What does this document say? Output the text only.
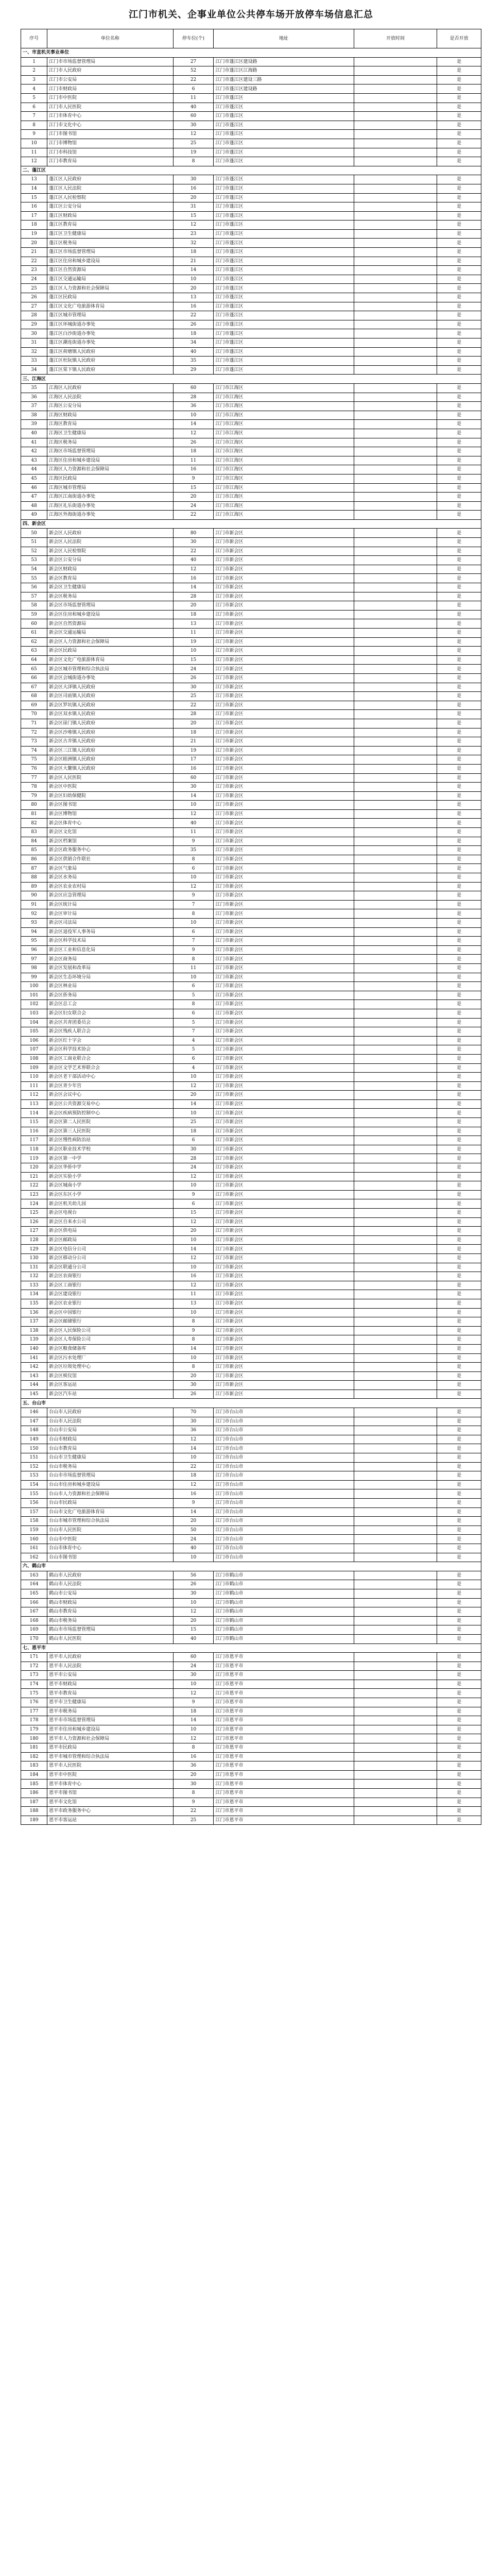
江门市机关、企事业单位公共停车场开放停车场信息汇总
序号	单位名称	停车位(个)	地址	开放时间	是否开放
一、市直机关事业单位					
1	江门市市场监督管理局	27	江门市蓬江区建设路		是
2	江门市人民政府	52	江门市蓬江区江海路		是
3	江门市公安局	22	江门市蓬江区建设三路		是
4	江门市财政局	6	江门市蓬江区建设路		是
5	江门市中医院	11	江门市蓬江区		是
6	江门市人民医院	40	江门市蓬江区		是
7	江门市体育中心	60	江门市蓬江区		是
8	江门市文化中心	30	江门市蓬江区		是
9	江门市图书馆	12	江门市蓬江区		是
10	江门市博物馆	25	江门市蓬江区		是
11	江门市科技馆	19	江门市蓬江区		是
12	江门市教育局	8	江门市蓬江区		是
二、蓬江区					
13	蓬江区人民政府	30	江门市蓬江区		是
14	蓬江区人民法院	16	江门市蓬江区		是
15	蓬江区人民检察院	20	江门市蓬江区		是
16	蓬江区公安分局	31	江门市蓬江区		是
17	蓬江区财政局	15	江门市蓬江区		是
18	蓬江区教育局	12	江门市蓬江区		是
19	蓬江区卫生健康局	23	江门市蓬江区		是
20	蓬江区税务局	32	江门市蓬江区		是
21	蓬江区市场监督管理局	18	江门市蓬江区		是
22	蓬江区住房和城乡建设局	21	江门市蓬江区		是
23	蓬江区自然资源局	14	江门市蓬江区		是
24	蓬江区交通运输局	10	江门市蓬江区		是
25	蓬江区人力资源和社会保障局	20	江门市蓬江区		是
26	蓬江区民政局	13	江门市蓬江区		是
27	蓬江区文化广电旅游体育局	16	江门市蓬江区		是
28	蓬江区城市管理局	22	江门市蓬江区		是
29	蓬江区环城街道办事处	26	江门市蓬江区		是
30	蓬江区白沙街道办事处	18	江门市蓬江区		是
31	蓬江区潮连街道办事处	34	江门市蓬江区		是
32	蓬江区荷塘镇人民政府	40	江门市蓬江区		是
33	蓬江区杜阮镇人民政府	35	江门市蓬江区		是
34	蓬江区棠下镇人民政府	29	江门市蓬江区		是
三、江海区					
35	江海区人民政府	60	江门市江海区		是
36	江海区人民法院	28	江门市江海区		是
37	江海区公安分局	36	江门市江海区		是
38	江海区财政局	10	江门市江海区		是
39	江海区教育局	14	江门市江海区		是
40	江海区卫生健康局	12	江门市江海区		是
41	江海区税务局	26	江门市江海区		是
42	江海区市场监督管理局	18	江门市江海区		是
43	江海区住房和城乡建设局	11	江门市江海区		是
44	江海区人力资源和社会保障局	16	江门市江海区		是
45	江海区民政局	9	江门市江海区		是
46	江海区城市管理局	15	江门市江海区		是
47	江海区江南街道办事处	20	江门市江海区		是
48	江海区礼乐街道办事处	24	江门市江海区		是
49	江海区外海街道办事处	22	江门市江海区		是
四、新会区					
50	新会区人民政府	80	江门市新会区		是
51	新会区人民法院	30	江门市新会区		是
52	新会区人民检察院	22	江门市新会区		是
53	新会区公安分局	40	江门市新会区		是
54	新会区财政局	12	江门市新会区		是
55	新会区教育局	16	江门市新会区		是
56	新会区卫生健康局	14	江门市新会区		是
57	新会区税务局	28	江门市新会区		是
58	新会区市场监督管理局	20	江门市新会区		是
59	新会区住房和城乡建设局	18	江门市新会区		是
60	新会区自然资源局	13	江门市新会区		是
61	新会区交通运输局	11	江门市新会区		是
62	新会区人力资源和社会保障局	19	江门市新会区		是
63	新会区民政局	10	江门市新会区		是
64	新会区文化广电旅游体育局	15	江门市新会区		是
65	新会区城市管理和综合执法局	24	江门市新会区		是
66	新会区会城街道办事处	26	江门市新会区		是
67	新会区大泽镇人民政府	30	江门市新会区		是
68	新会区司前镇人民政府	25	江门市新会区		是
69	新会区罗坑镇人民政府	22	江门市新会区		是
70	新会区双水镇人民政府	28	江门市新会区		是
71	新会区崖门镇人民政府	20	江门市新会区		是
72	新会区沙堆镇人民政府	18	江门市新会区		是
73	新会区古井镇人民政府	21	江门市新会区		是
74	新会区三江镇人民政府	19	江门市新会区		是
75	新会区睦洲镇人民政府	17	江门市新会区		是
76	新会区大鳌镇人民政府	16	江门市新会区		是
77	新会区人民医院	60	江门市新会区		是
78	新会区中医院	30	江门市新会区		是
79	新会区妇幼保健院	14	江门市新会区		是
80	新会区图书馆	10	江门市新会区		是
81	新会区博物馆	12	江门市新会区		是
82	新会区体育中心	40	江门市新会区		是
83	新会区文化馆	11	江门市新会区		是
84	新会区档案馆	9	江门市新会区		是
85	新会区政务服务中心	35	江门市新会区		是
86	新会区供销合作联社	8	江门市新会区		是
87	新会区气象局	6	江门市新会区		是
88	新会区水务局	10	江门市新会区		是
89	新会区农业农村局	12	江门市新会区		是
90	新会区应急管理局	9	江门市新会区		是
91	新会区统计局	7	江门市新会区		是
92	新会区审计局	8	江门市新会区		是
93	新会区司法局	10	江门市新会区		是
94	新会区退役军人事务局	6	江门市新会区		是
95	新会区科学技术局	7	江门市新会区		是
96	新会区工业和信息化局	9	江门市新会区		是
97	新会区商务局	8	江门市新会区		是
98	新会区发展和改革局	11	江门市新会区		是
99	新会区生态环境分局	10	江门市新会区		是
100	新会区林业局	6	江门市新会区		是
101	新会区侨务局	5	江门市新会区		是
102	新会区总工会	8	江门市新会区		是
103	新会区妇女联合会	6	江门市新会区		是
104	新会区共青团委员会	5	江门市新会区		是
105	新会区残疾人联合会	7	江门市新会区		是
106	新会区红十字会	4	江门市新会区		是
107	新会区科学技术协会	5	江门市新会区		是
108	新会区工商业联合会	6	江门市新会区		是
109	新会区文学艺术界联合会	4	江门市新会区		是
110	新会区老干部活动中心	10	江门市新会区		是
111	新会区青少年宫	12	江门市新会区		是
112	新会区会议中心	20	江门市新会区		是
113	新会区公共资源交易中心	14	江门市新会区		是
114	新会区疾病预防控制中心	10	江门市新会区		是
115	新会区第二人民医院	25	江门市新会区		是
116	新会区第三人民医院	18	江门市新会区		是
117	新会区慢性病防治站	6	江门市新会区		是
118	新会区职业技术学校	30	江门市新会区		是
119	新会区第一中学	28	江门市新会区		是
120	新会区华侨中学	24	江门市新会区		是
121	新会区实验小学	12	江门市新会区		是
122	新会区城南小学	10	江门市新会区		是
123	新会区东区小学	9	江门市新会区		是
124	新会区机关幼儿园	6	江门市新会区		是
125	新会区电视台	15	江门市新会区		是
126	新会区自来水公司	12	江门市新会区		是
127	新会区供电局	20	江门市新会区		是
128	新会区邮政局	10	江门市新会区		是
129	新会区电信分公司	14	江门市新会区		是
130	新会区移动分公司	12	江门市新会区		是
131	新会区联通分公司	10	江门市新会区		是
132	新会区农商银行	16	江门市新会区		是
133	新会区工商银行	12	江门市新会区		是
134	新会区建设银行	11	江门市新会区		是
135	新会区农业银行	13	江门市新会区		是
136	新会区中国银行	10	江门市新会区		是
137	新会区邮储银行	8	江门市新会区		是
138	新会区人民保险公司	9	江门市新会区		是
139	新会区人寿保险公司	8	江门市新会区		是
140	新会区粮食储备库	14	江门市新会区		是
141	新会区污水处理厂	10	江门市新会区		是
142	新会区垃圾处理中心	8	江门市新会区		是
143	新会区殡仪馆	20	江门市新会区		是
144	新会区客运站	30	江门市新会区		是
145	新会区汽车站	26	江门市新会区		是
五、台山市					
146	台山市人民政府	70	江门市台山市		是
147	台山市人民法院	30	江门市台山市		是
148	台山市公安局	36	江门市台山市		是
149	台山市财政局	12	江门市台山市		是
150	台山市教育局	14	江门市台山市		是
151	台山市卫生健康局	10	江门市台山市		是
152	台山市税务局	22	江门市台山市		是
153	台山市市场监督管理局	18	江门市台山市		是
154	台山市住房和城乡建设局	12	江门市台山市		是
155	台山市人力资源和社会保障局	16	江门市台山市		是
156	台山市民政局	9	江门市台山市		是
157	台山市文化广电旅游体育局	14	江门市台山市		是
158	台山市城市管理和综合执法局	20	江门市台山市		是
159	台山市人民医院	50	江门市台山市		是
160	台山市中医院	24	江门市台山市		是
161	台山市体育中心	40	江门市台山市		是
162	台山市图书馆	10	江门市台山市		是
六、鹤山市					
163	鹤山市人民政府	56	江门市鹤山市		是
164	鹤山市人民法院	26	江门市鹤山市		是
165	鹤山市公安局	30	江门市鹤山市		是
166	鹤山市财政局	10	江门市鹤山市		是
167	鹤山市教育局	12	江门市鹤山市		是
168	鹤山市税务局	20	江门市鹤山市		是
169	鹤山市市场监督管理局	15	江门市鹤山市		是
170	鹤山市人民医院	40	江门市鹤山市		是
七、恩平市					
171	恩平市人民政府	60	江门市恩平市		是
172	恩平市人民法院	24	江门市恩平市		是
173	恩平市公安局	30	江门市恩平市		是
174	恩平市财政局	10	江门市恩平市		是
175	恩平市教育局	12	江门市恩平市		是
176	恩平市卫生健康局	9	江门市恩平市		是
177	恩平市税务局	18	江门市恩平市		是
178	恩平市市场监督管理局	14	江门市恩平市		是
179	恩平市住房和城乡建设局	10	江门市恩平市		是
180	恩平市人力资源和社会保障局	12	江门市恩平市		是
181	恩平市民政局	8	江门市恩平市		是
182	恩平市城市管理和综合执法局	16	江门市恩平市		是
183	恩平市人民医院	36	江门市恩平市		是
184	恩平市中医院	20	江门市恩平市		是
185	恩平市体育中心	30	江门市恩平市		是
186	恩平市图书馆	8	江门市恩平市		是
187	恩平市文化馆	9	江门市恩平市		是
188	恩平市政务服务中心	22	江门市恩平市		是
189	恩平市客运站	25	江门市恩平市		是
